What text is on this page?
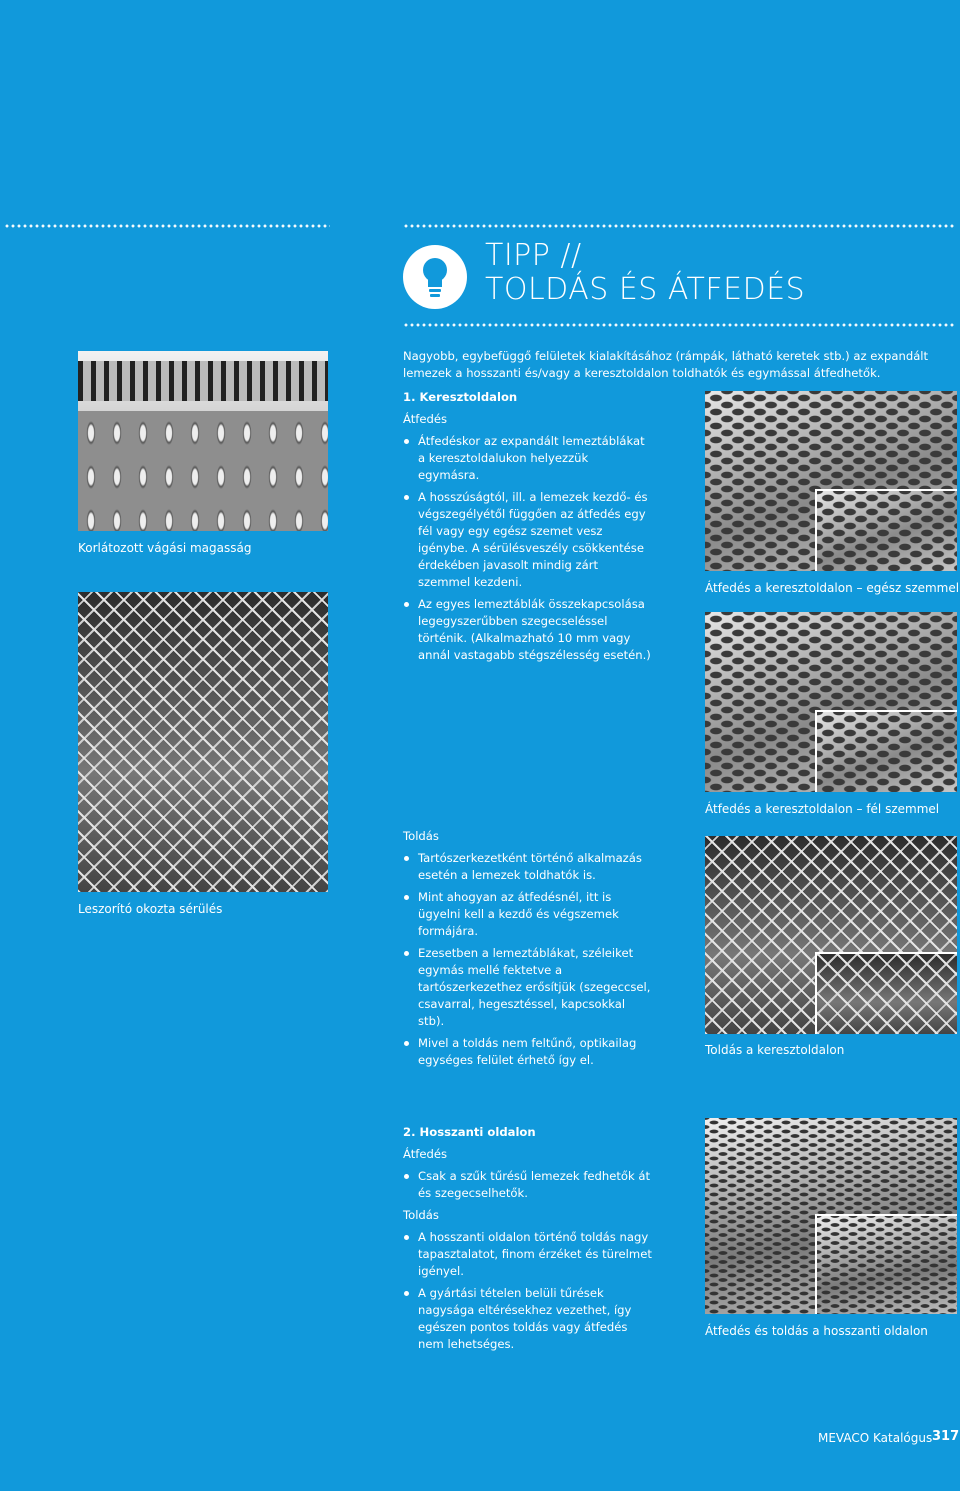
TIPP //
TOLDÁS ÉS ÁTFEDÉS
Nagyobb, egybefüggő felületek kialakításához (rámpák, látható keretek stb.) az expandált lemezek a hosszanti és/vagy a keresztoldalon toldhatók és egymással átfedhetők.
1. Keresztoldalon
Átfedés
Átfedéskor az expandált lemeztáblákat a keresztoldalukon helyezzük egymásra.
A hosszúságtól, ill. a lemezek kezdő- és végszegélyétől függően az átfedés egy fél vagy egy egész szemet vesz igénybe. A sérülésveszély csökkentése érdekében javasolt mindig zárt szemmel kezdeni.
Az egyes lemeztáblák összekapcsolása legegyszerűbben szegecseléssel történik. (Alkalmazható 10 mm vagy annál vastagabb stégszélesség esetén.)
Toldás
Tartószerkezetként történő alkalmazás esetén a lemezek toldhatók is.
Mint ahogyan az átfedésnél, itt is ügyelni kell a kezdő és végszemek formájára.
Ezesetben a lemeztáblákat, széleiket egymás mellé fektetve a tartószerkezethez erősítjük (szegeccsel, csavarral, hegesztéssel, kapcsokkal stb).
Mivel a toldás nem feltűnő, optikailag egységes felület érhető így el.
2. Hosszanti oldalon
Átfedés
Csak a szűk tűrésű lemezek fedhetők át és szegecselhetők.
Toldás
A hosszanti oldalon történő toldás nagy tapasztalatot, finom érzéket és türelmet igényel.
A gyártási tételen belüli tűrések nagysága eltérésekhez vezethet, így egészen pontos toldás vagy átfedés nem lehetséges.
Korlátozott vágási magasság
Leszorító okozta sérülés
Átfedés a keresztoldalon – egész szemmel
Átfedés a keresztoldalon – fél szemmel
Toldás a keresztoldalon
Átfedés és toldás a hosszanti oldalon
MEVACO Katalógus 317
